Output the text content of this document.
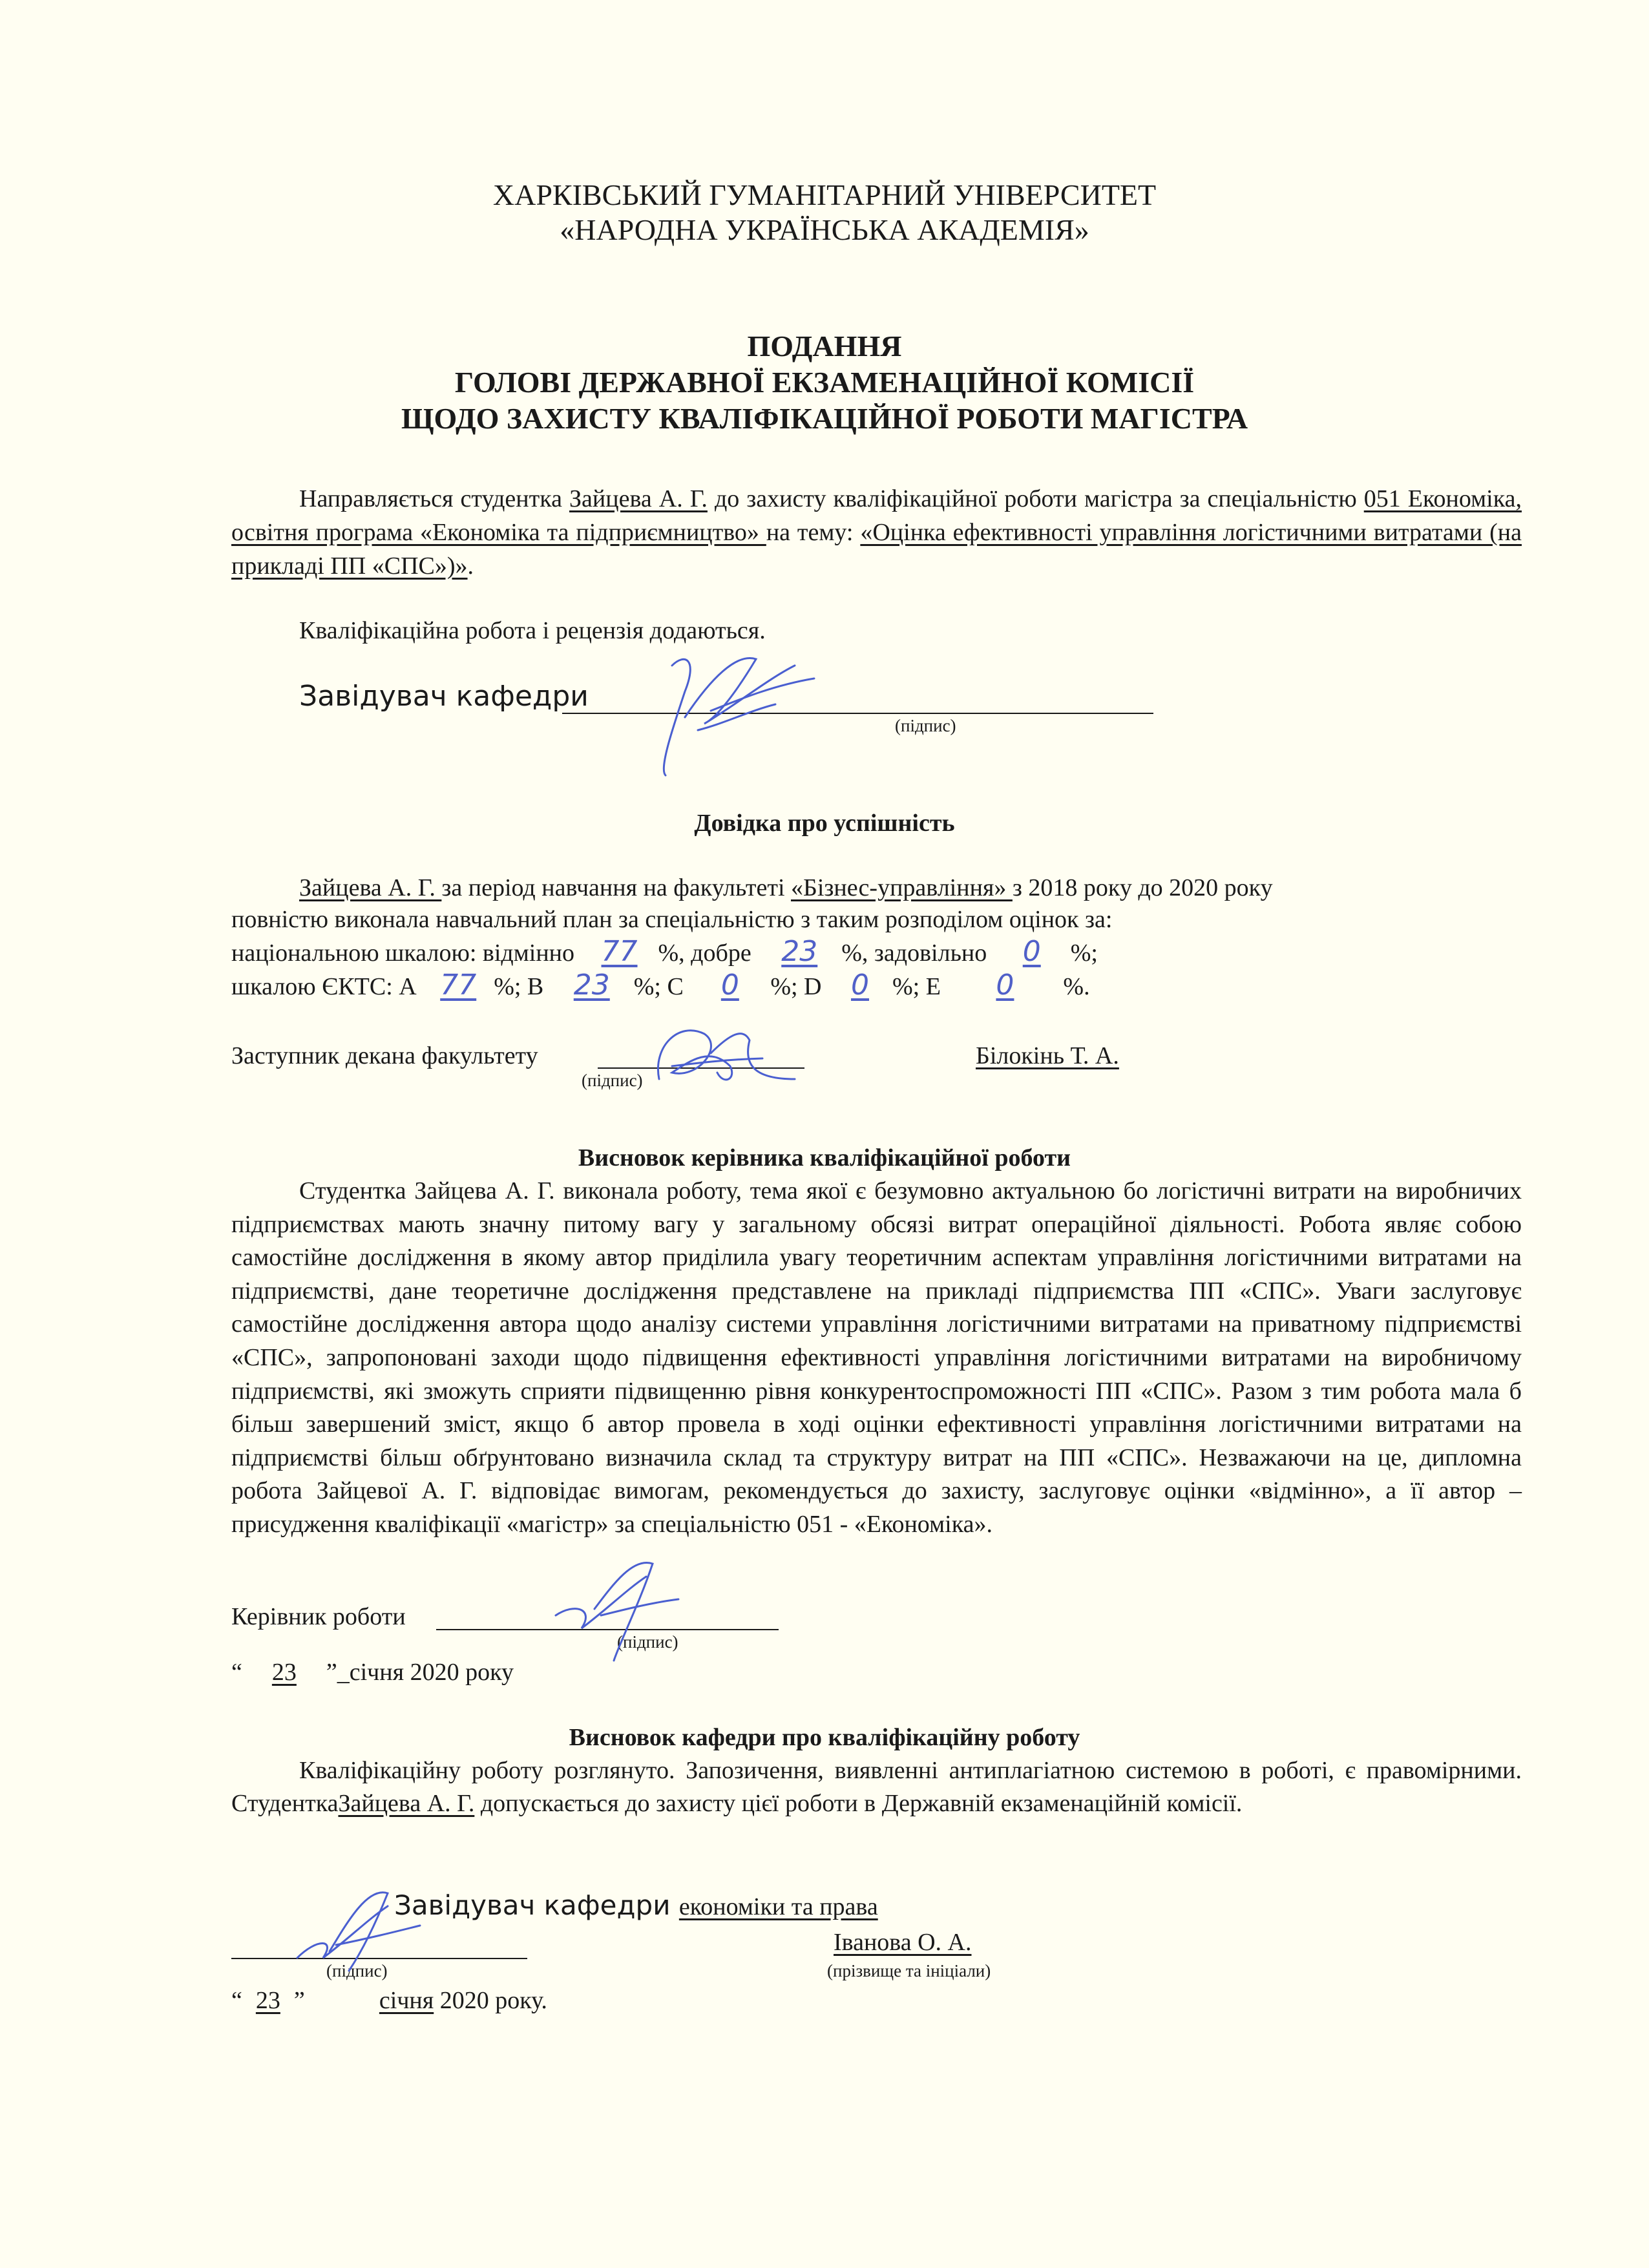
ХАРКІВСЬКИЙ ГУМАНІТАРНИЙ УНІВЕРСИТЕТ
«НАРОДНА УКРАЇНСЬКА АКАДЕМІЯ»
ПОДАННЯ
ГОЛОВІ ДЕРЖАВНОЇ ЕКЗАМЕНАЦІЙНОЇ КОМІСІЇ
ЩОДО ЗАХИСТУ КВАЛІФІКАЦІЙНОЇ РОБОТИ МАГІСТРА
Направляється студентка Зайцева А. Г. до захисту кваліфікаційної роботи магістра за спеціальністю 051 Економіка, освітня програма «Економіка та підприємництво» на тему: «Оцінка ефективності управління логістичними витратами (на прикладі ПП «СПС»)».
Кваліфікаційна робота і рецензія додаються.
Завідувач кафедри
(підпис)
Довідка про успішність
Зайцева А. Г. за період навчання на факультеті «Бізнес-управління» з 2018 року до 2020 року
повністю виконала навчальний план за спеціальністю з таким розподілом оцінок за:
національною шкалою: відмінно 77 %, добре 23 %, задовільно 0 %;
шкалою ЄКТС: А 77 %; В 23 %; С 0 %; D 0 %; Е 0 %.
Заступник декана факультету
(підпис)
Білокінь Т. А.
Висновок керівника кваліфікаційної роботи
Студентка Зайцева А. Г. виконала роботу, тема якої є безумовно актуальною бо логістичні витрати на виробничих підприємствах мають значну питому вагу у загальному обсязі витрат операційної діяльності. Робота являє собою самостійне дослідження в якому автор приділила увагу теоретичним аспектам управління логістичними витратами на підприємстві, дане теоретичне дослідження представлене на прикладі підприємства ПП «СПС». Уваги заслуговує самостійне дослідження автора щодо аналізу системи управління логістичними витратами на приватному підприємстві «СПС», запропоновані заходи щодо підвищення ефективності управління логістичними витратами на виробничому підприємстві, які зможуть сприяти підвищенню рівня конкурентоспроможності ПП «СПС». Разом з тим робота мала б більш завершений зміст, якщо б автор провела в ході оцінки ефективності управління логістичними витратами на підприємстві більш обґрунтовано визначила склад та структуру витрат на ПП «СПС». Незважаючи на це, дипломна робота Зайцевої А. Г. відповідає вимогам, рекомендується до захисту, заслуговує оцінки «відмінно», а її автор – присудження кваліфікації «магістр» за спеціальністю 051 - «Економіка».
Керівник роботи
(підпис)
“ 23 ”_січня 2020 року
Висновок кафедри про кваліфікаційну роботу
Кваліфікаційну роботу розглянуто. Запозичення, виявленні антиплагіатною системою в роботі, є правомірними. СтуденткаЗайцева А. Г. допускається до захисту цієї роботи в Державній екзаменаційній комісії.
Завідувач кафедри економіки та права
(підпис)
Іванова О. А.
(прізвище та ініціали)
“ 23 ”	січня 2020 року.
